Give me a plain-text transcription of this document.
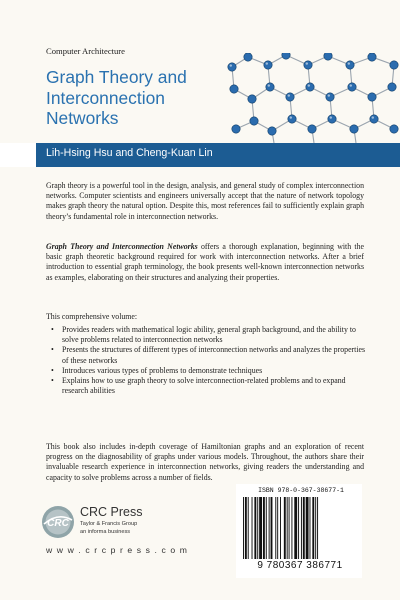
Computer Architecture
Graph Theory and Interconnection Networks
Lih-Hsing Hsu and Cheng-Kuan Lin
Graph theory is a powerful tool in the design, analysis, and general study of complex interconnection networks. Computer scientists and engineers universally accept that the nature of network topology makes graph theory the natural option. Despite this, most references fail to sufficiently explain graph theory’s fundamental role in interconnection networks.
Graph Theory and Interconnection Networks offers a thorough explanation, beginning with the basic graph theoretic background required for work with interconnection networks. After a brief introduction to essential graph terminology, the book presents well-known interconnection networks as examples, elaborating on their structures and analyzing their properties.
This comprehensive volume:
• Provides readers with mathematical logic ability, general graph background, and the ability to solve problems related to interconnection networks
• Presents the structures of different types of interconnection networks and analyzes the properties of these networks
• Introduces various types of problems to demonstrate techniques
• Explains how to use graph theory to solve interconnection-related problems and to expand research abilities
This book also includes in-depth coverage of Hamiltonian graphs and an exploration of recent progress on the diagnosability of graphs under various models. Throughout, the authors share their invaluable research experience in interconnection networks, giving readers the understanding and capacity to solve problems across a number of fields.
CRC
CRC Press
Taylor & Francis Group
an informa business
w w w . c r c p r e s s . c o m
ISBN 978-0-367-38677-1
9 780367 386771
